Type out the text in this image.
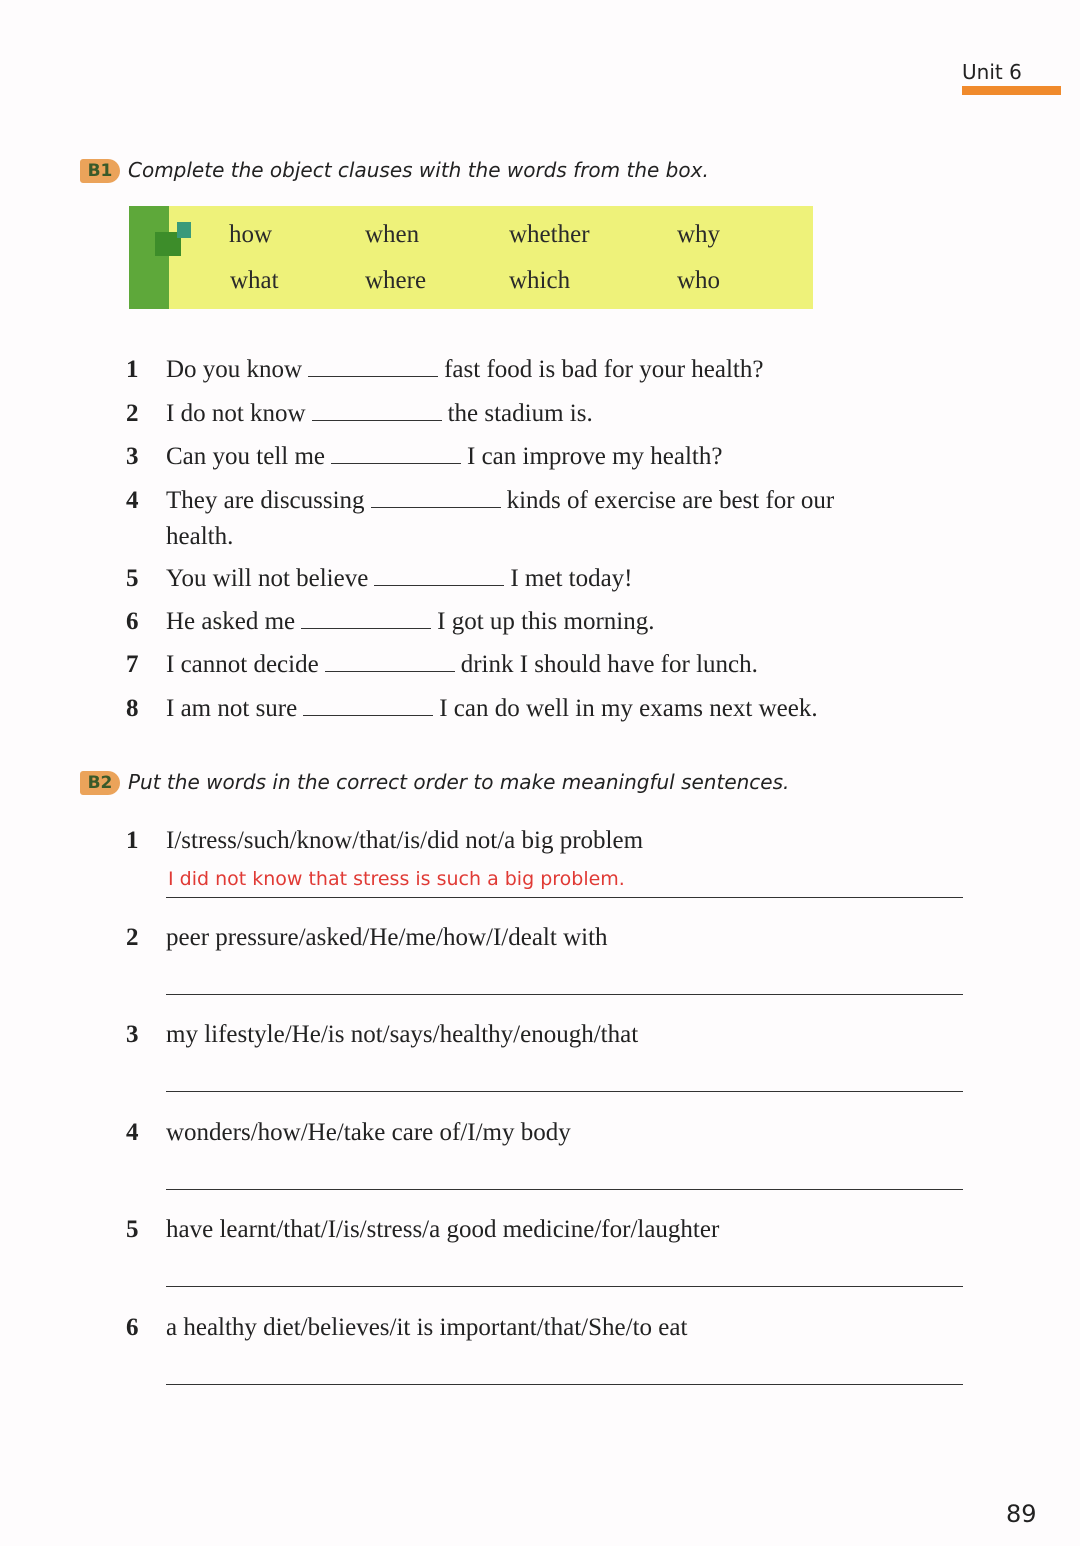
Unit 6
B1 Complete the object clauses with the words from the box.
how	when	whether	why
what	where	which	who
1 Do you know	fast food is bad for your health?
2 I do not know	the stadium is.
3 Can you tell me	I can improve my health?
4 They are discussing	kinds of exercise are best for our
health.
5 You will not believe	I met today!
6 He asked me	I got up this morning.
7 I cannot decide	drink I should have for lunch.
8 I am not sure	I can do well in my exams next week.
B2 Put the words in the correct order to make meaningful sentences.
I did not know that stress is such a big problem.
1 I/stress/such/know/that/is/did not/a big problem
2 peer pressure/asked/He/me/how/I/dealt with
3 my lifestyle/He/is not/says/healthy/enough/that
4 wonders/how/He/take care of/I/my body
5 have learnt/that/I/is/stress/a good medicine/for/laughter
6 a healthy diet/believes/it is important/that/She/to eat
89
